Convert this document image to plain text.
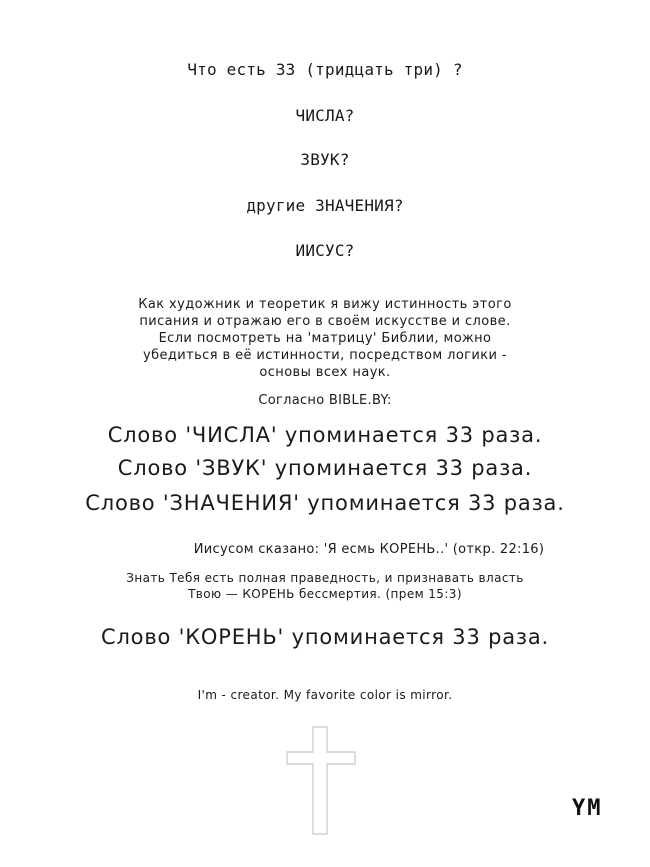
Что есть 33 (тридцать три) ?
ЧИСЛА?
ЗВУК?
другие ЗНАЧЕНИЯ?
ИИСУС?
Как художник и теоретик я вижу истинность этого
писания и отражаю его в своём искусстве и слове.
Если посмотреть на 'матрицу' Библии, можно
убедиться в её истинности, посредством логики -
основы всех наук.
Согласно BIBLE.BY:
Слово 'ЧИСЛА' упоминается 33 раза.
Слово 'ЗВУК' упоминается 33 раза.
Слово 'ЗНАЧЕНИЯ' упоминается 33 раза.
Иисусом сказано: 'Я есмь КОРЕНЬ..' (откр. 22:16)
Знать Тебя есть полная праведность, и признавать власть
Твою — КОРЕНЬ бессмертия. (прем 15:3)
Слово 'КОРЕНЬ' упоминается 33 раза.
I'm - creator. My favorite color is mirror.
YM
